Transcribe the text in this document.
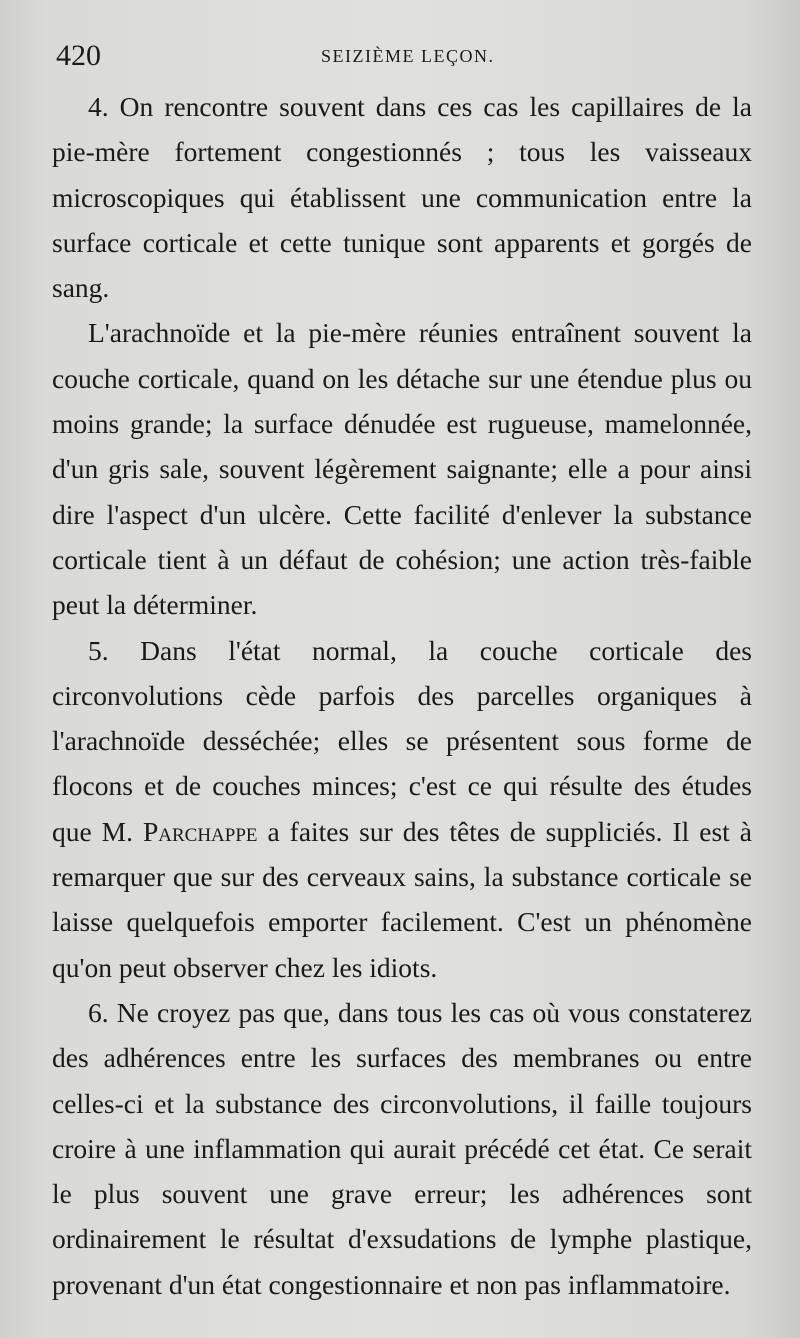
420	SEIZIÈME LEÇON.

4. On rencontre souvent dans ces cas les capillaires de la pie-mère fortement congestionnés ; tous les vaisseaux microscopiques qui établissent une communication entre la surface corticale et cette tunique sont apparents et gorgés de sang.

L'arachnoïde et la pie-mère réunies entraînent souvent la couche corticale, quand on les détache sur une étendue plus ou moins grande; la surface dénudée est rugueuse, mamelonnée, d'un gris sale, souvent légèrement saignante; elle a pour ainsi dire l'aspect d'un ulcère. Cette facilité d'enlever la substance corticale tient à un défaut de cohésion; une action très-faible peut la déterminer.

5. Dans l'état normal, la couche corticale des circonvolutions cède parfois des parcelles organiques à l'arachnoïde desséchée; elles se présentent sous forme de flocons et de couches minces; c'est ce qui résulte des études que M. Parchappe a faites sur des têtes de suppliciés. Il est à remarquer que sur des cerveaux sains, la substance corticale se laisse quelquefois emporter facilement. C'est un phénomène qu'on peut observer chez les idiots.

6. Ne croyez pas que, dans tous les cas où vous constaterez des adhérences entre les surfaces des membranes ou entre celles-ci et la substance des circonvolutions, il faille toujours croire à une inflammation qui aurait précédé cet état. Ce serait le plus souvent une grave erreur; les adhérences sont ordinairement le résultat d'exsudations de lymphe plastique, provenant d'un état congestionnaire et non pas inflammatoire.
